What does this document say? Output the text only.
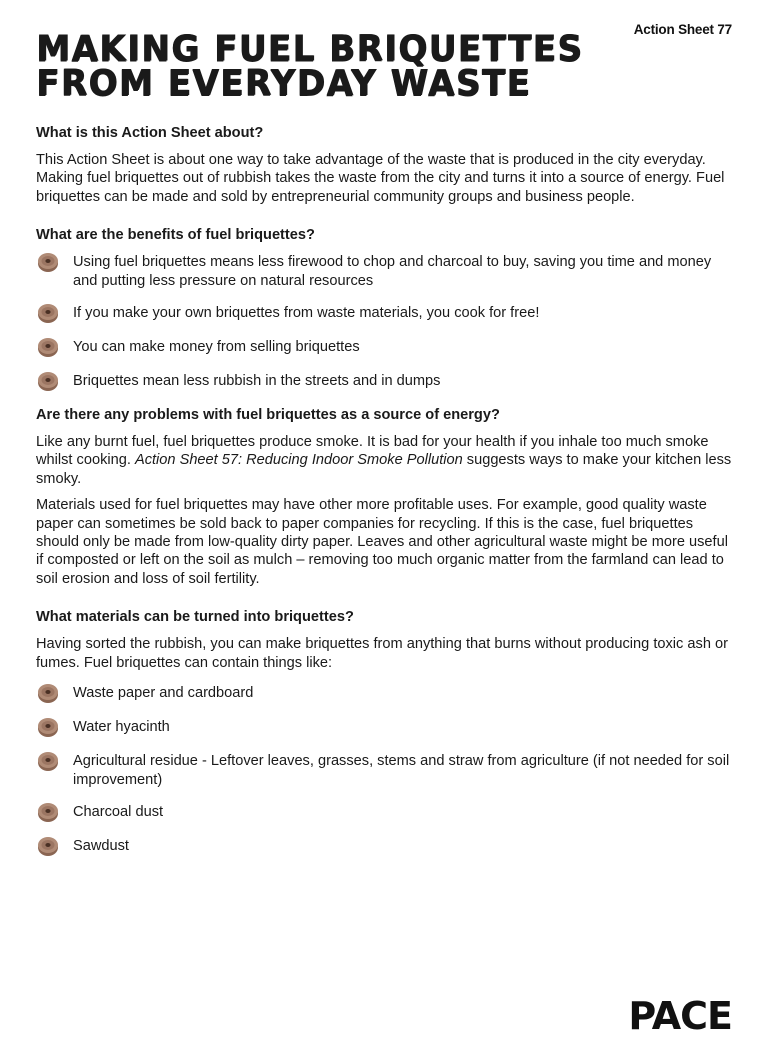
Action Sheet 77
MAKING FUEL BRIQUETTES
FROM EVERYDAY WASTE
What is this Action Sheet about?

This Action Sheet is about one way to take advantage of the waste that is produced in the city everyday. Making fuel briquettes out of rubbish takes the waste from the city and turns it into a source of energy. Fuel briquettes can be made and sold by entrepreneurial community groups and business people.

What are the benefits of fuel briquettes?
Using fuel briquettes means less firewood to chop and charcoal to buy, saving you time and money and putting less pressure on natural resources
If you make your own briquettes from waste materials, you cook for free!
You can make money from selling briquettes
Briquettes mean less rubbish in the streets and in dumps
Are there any problems with fuel briquettes as a source of energy?

Like any burnt fuel, fuel briquettes produce smoke. It is bad for your health if you inhale too much smoke whilst cooking. Action Sheet 57: Reducing Indoor Smoke Pollution suggests ways to make your kitchen less smoky.

Materials used for fuel briquettes may have other more profitable uses. For example, good quality waste paper can sometimes be sold back to paper companies for recycling. If this is the case, fuel briquettes should only be made from low-quality dirty paper. Leaves and other agricultural waste might be more useful if composted or left on the soil as mulch – removing too much organic matter from the farmland can lead to soil erosion and loss of soil fertility.

What materials can be turned into briquettes?

Having sorted the rubbish, you can make briquettes from anything that burns without producing toxic ash or fumes. Fuel briquettes can contain things like:

Waste paper and cardboard
Water hyacinth
Agricultural residue - Leftover leaves, grasses, stems and straw from agriculture (if not needed for soil improvement)
Charcoal dust
Sawdust
PACE
